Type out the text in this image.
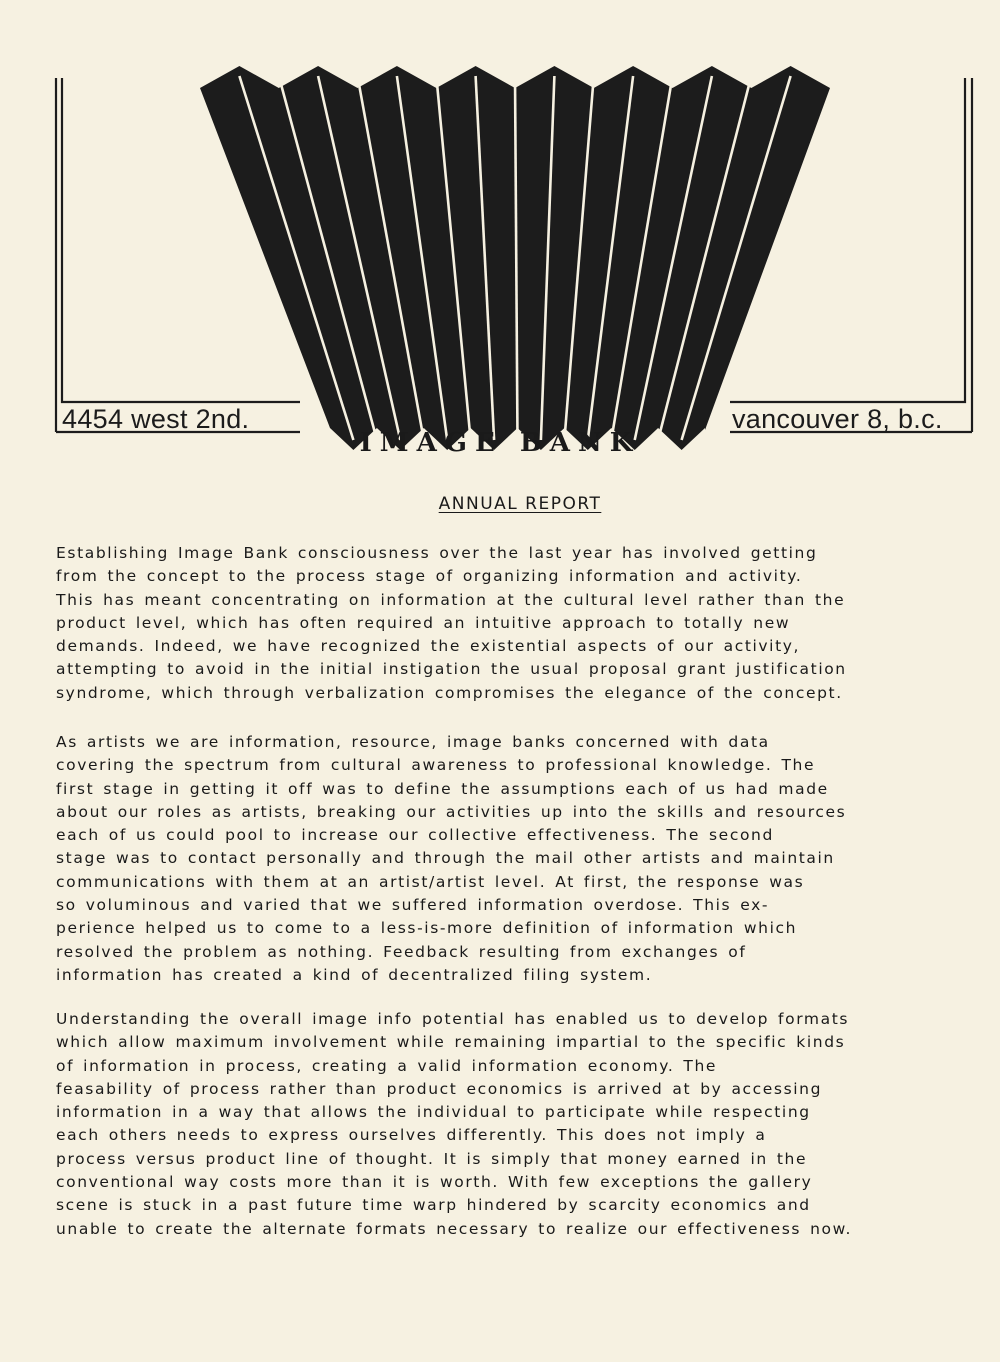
4454 west 2nd.	vancouver 8, b.c.
IMAGE BANK
ANNUAL REPORT
Establishing Image Bank consciousness over the last year has involved getting
from the concept to the process stage of organizing information and activity.
This has meant concentrating on information at the cultural level rather than the
product level, which has often required an intuitive approach to totally new
demands. Indeed, we have recognized the existential aspects of our activity,
attempting to avoid in the initial instigation the usual proposal grant justification
syndrome, which through verbalization compromises the elegance of the concept.
As artists we are information, resource, image banks concerned with data
covering the spectrum from cultural awareness to professional knowledge. The
first stage in getting it off was to define the assumptions each of us had made
about our roles as artists, breaking our activities up into the skills and resources
each of us could pool to increase our collective effectiveness. The second
stage was to contact personally and through the mail other artists and maintain
communications with them at an artist/artist level. At first, the response was
so voluminous and varied that we suffered information overdose. This ex-
perience helped us to come to a less-is-more definition of information which
resolved the problem as nothing. Feedback resulting from exchanges of
information has created a kind of decentralized filing system.
Understanding the overall image info potential has enabled us to develop formats
which allow maximum involvement while remaining impartial to the specific kinds
of information in process, creating a valid information economy. The
feasability of process rather than product economics is arrived at by accessing
information in a way that allows the individual to participate while respecting
each others needs to express ourselves differently. This does not imply a
process versus product line of thought. It is simply that money earned in the
conventional way costs more than it is worth. With few exceptions the gallery
scene is stuck in a past future time warp hindered by scarcity economics and
unable to create the alternate formats necessary to realize our effectiveness now.
